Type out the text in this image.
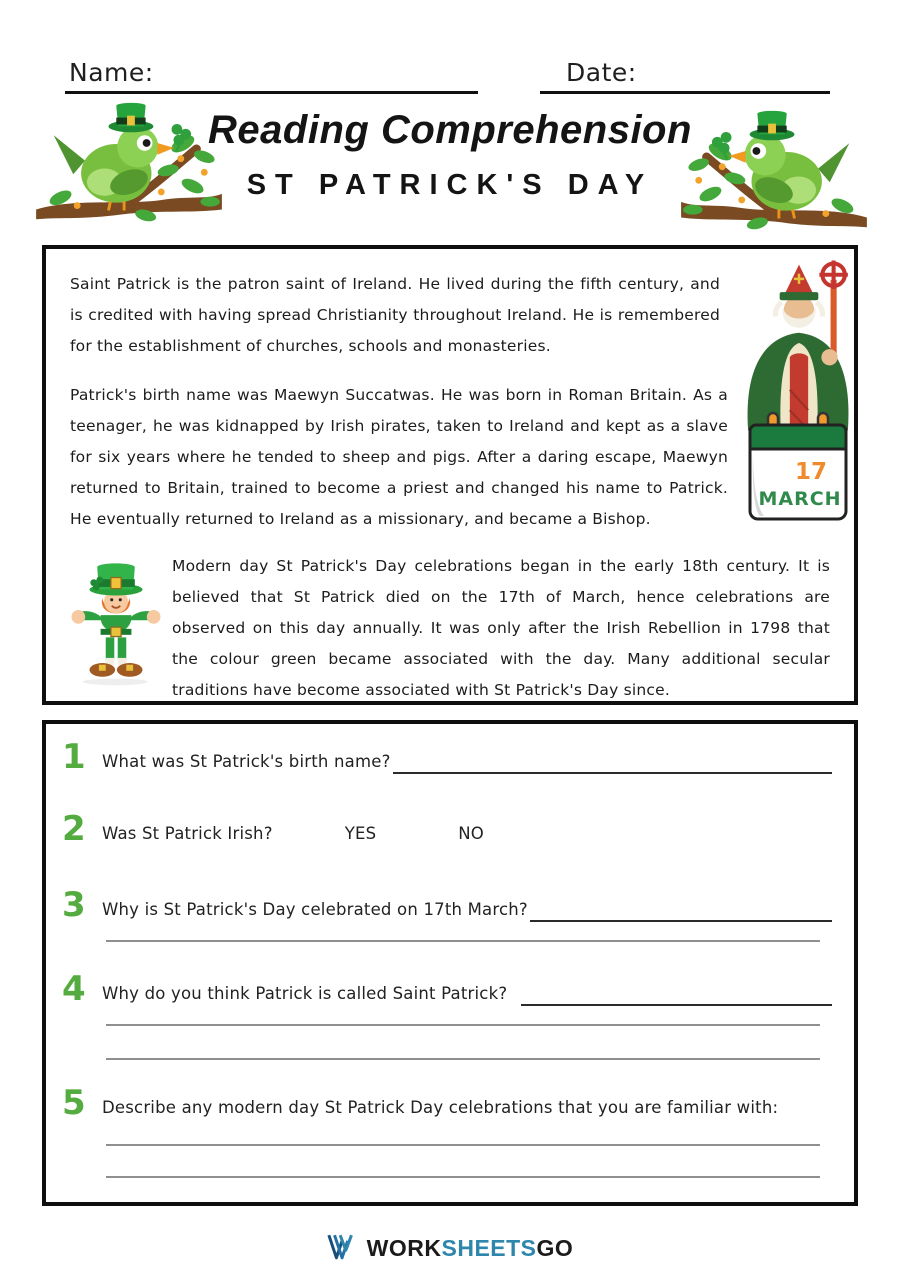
Name:	Date:
Reading Comprehension
ST PATRICK'S DAY

Saint Patrick is the patron saint of Ireland. He lived during the fifth century, and is credited with having spread Christianity throughout Ireland. He is remembered for the establishment of churches, schools and monasteries.

Patrick's birth name was Maewyn Succatwas. He was born in Roman Britain. As a teenager, he was kidnapped by Irish pirates, taken to Ireland and kept as a slave for six years where he tended to sheep and pigs. After a daring escape, Maewyn returned to Britain, trained to become a priest and changed his name to Patrick. He eventually returned to Ireland as a missionary, and became a Bishop.

Modern day St Patrick's Day celebrations began in the early 18th century. It is believed that St Patrick died on the 17th of March, hence celebrations are observed on this day annually. It was only after the Irish Rebellion in 1798 that the colour green became associated with the day. Many additional secular traditions have become associated with St Patrick's Day since.

17
MARCH
1 What was St Patrick's birth name?
2 Was St Patrick Irish?	YES	NO
3 Why is St Patrick's Day celebrated on 17th March?
4 Why do you think Patrick is called Saint Patrick?
5 Describe any modern day St Patrick Day celebrations that you are familiar with:
WORKSHEETSGO
